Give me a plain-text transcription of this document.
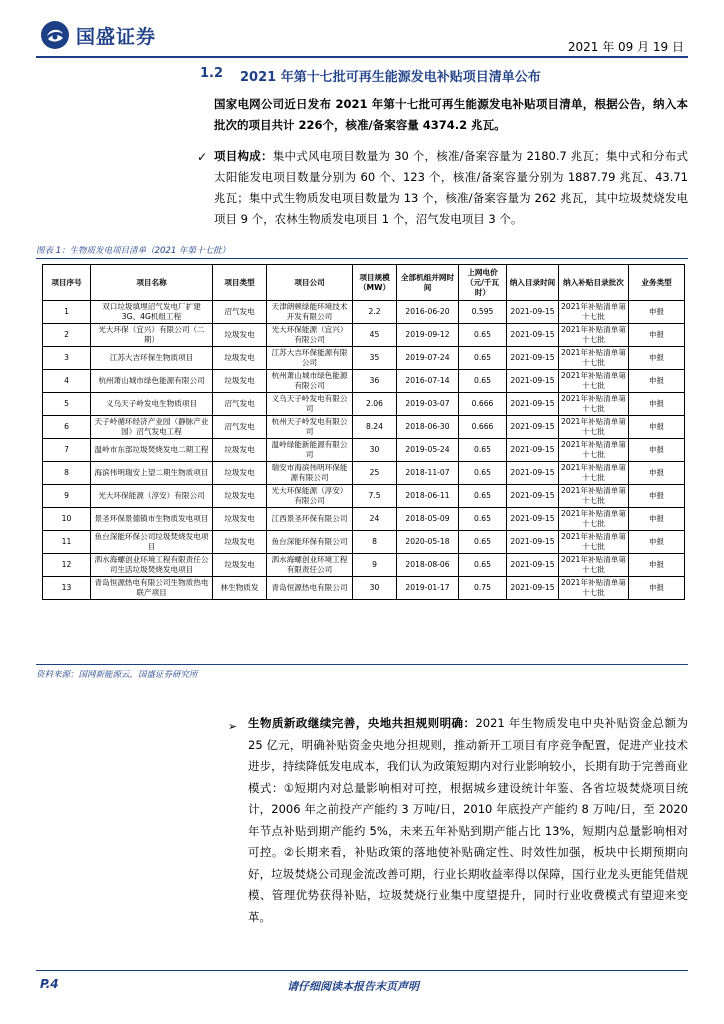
国盛证券	2021 年 09 月 19 日
1.2 2021 年第十七批可再生能源发电补贴项目清单公布
国家电网公司近日发布 2021 年第十七批可再生能源发电补贴项目清单，根据公告，纳入本批次的项目共计 226个，核准/备案容量 4374.2 兆瓦。
✓ 项目构成：集中式风电项目数量为 30 个，核准/备案容量为 2180.7 兆瓦；集中式和分布式太阳能发电项目数量分别为 60 个、123 个，核准/备案容量分别为 1887.79 兆瓦、43.71 兆瓦；集中式生物质发电项目数量为 13 个，核准/备案容量为 262 兆瓦，其中垃圾焚烧发电项目 9 个，农林生物质发电项目 1 个，沼气发电项目 3 个。
图表 1：生物质发电项目清单（2021 年第十七批）
项目序号	项目名称	项目类型	项目公司	项目规模（MW）	全部机组并网时间	上网电价（元/千瓦时）	纳入目录时间	纳入补贴目录批次	业务类型
1	双口垃圾填埋沼气发电厂扩建3G、4G机组工程	沼气发电	天津朗顿绿能环境技术开发有限公司	2.2	2016-06-20	0.595	2021-09-15	2021年补贴清单第十七批	申报
2	光大环保（宜兴）有限公司（二期）	垃圾发电	光大环保能源（宜兴）有限公司	45	2019-09-12	0.65	2021-09-15	2021年补贴清单第十七批	申报
3	江苏大吉环保生物质项目	垃圾发电	江苏大吉环保能源有限公司	35	2019-07-24	0.65	2021-09-15	2021年补贴清单第十七批	申报
4	杭州萧山城市绿色能源有限公司	垃圾发电	杭州萧山城市绿色能源有限公司	36	2016-07-14	0.65	2021-09-15	2021年补贴清单第十七批	申报
5	义乌天子岭发电生物质项目	沼气发电	义乌天子岭发电有限公司	2.06	2019-03-07	0.666	2021-09-15	2021年补贴清单第十七批	申报
6	天子岭循环经济产业园（静脉产业园）沼气发电工程	沼气发电	杭州天子岭发电有限公司	8.24	2018-06-30	0.666	2021-09-15	2021年补贴清单第十七批	申报
7	温岭市东部垃圾焚烧发电二期工程	垃圾发电	温岭绿能新能源有限公司	30	2019-05-24	0.65	2021-09-15	2021年补贴清单第十七批	申报
8	海滨伟明瑞安上望二期生物质项目	垃圾发电	瑞安市海滨伟明环保能源有限公司	25	2018-11-07	0.65	2021-09-15	2021年补贴清单第十七批	申报
9	光大环保能源（淳安）有限公司	垃圾发电	光大环保能源（淳安）有限公司	7.5	2018-06-11	0.65	2021-09-15	2021年补贴清单第十七批	申报
10	景圣环保景德镇市生物质发电项目	垃圾发电	江西景圣环保有限公司	24	2018-05-09	0.65	2021-09-15	2021年补贴清单第十七批	申报
11	鱼台深能环保公司垃圾焚烧发电项目	垃圾发电	鱼台深能环保有限公司	8	2020-05-18	0.65	2021-09-15	2021年补贴清单第十七批	申报
12	泗水海螺创业环境工程有限责任公司生活垃圾焚烧发电项目	垃圾发电	泗水海螺创业环境工程有限责任公司	9	2018-08-06	0.65	2021-09-15	2021年补贴清单第十七批	申报
13	青岛恒源热电有限公司生物质热电联产项目	林生物质发	青岛恒源热电有限公司	30	2019-01-17	0.75	2021-09-15	2021年补贴清单第十七批	申报
资料来源：国网新能源云，国盛证券研究所
➢ 生物质新政继续完善，央地共担规则明确：2021 年生物质发电中央补贴资金总额为 25 亿元，明确补贴资金央地分担规则，推动新开工项目有序竞争配置，促进产业技术进步，持续降低发电成本，我们认为政策短期内对行业影响较小，长期有助于完善商业模式：①短期内对总量影响相对可控，根据城乡建设统计年鉴、各省垃圾焚烧项目统计，2006 年之前投产产能约 3 万吨/日，2010 年底投产产能约 8 万吨/日，至 2020 年节点补贴到期产能约 5%，未来五年补贴到期产能占比 13%，短期内总量影响相对可控。②长期来看，补贴政策的落地使补贴确定性、时效性加强，板块中长期预期向好，垃圾焚烧公司现金流改善可期，行业长期收益率得以保障，国行业龙头更能凭借规模、管理优势获得补贴，垃圾焚烧行业集中度望提升，同时行业收费模式有望迎来变革。
P.4	请仔细阅读本报告末页声明
